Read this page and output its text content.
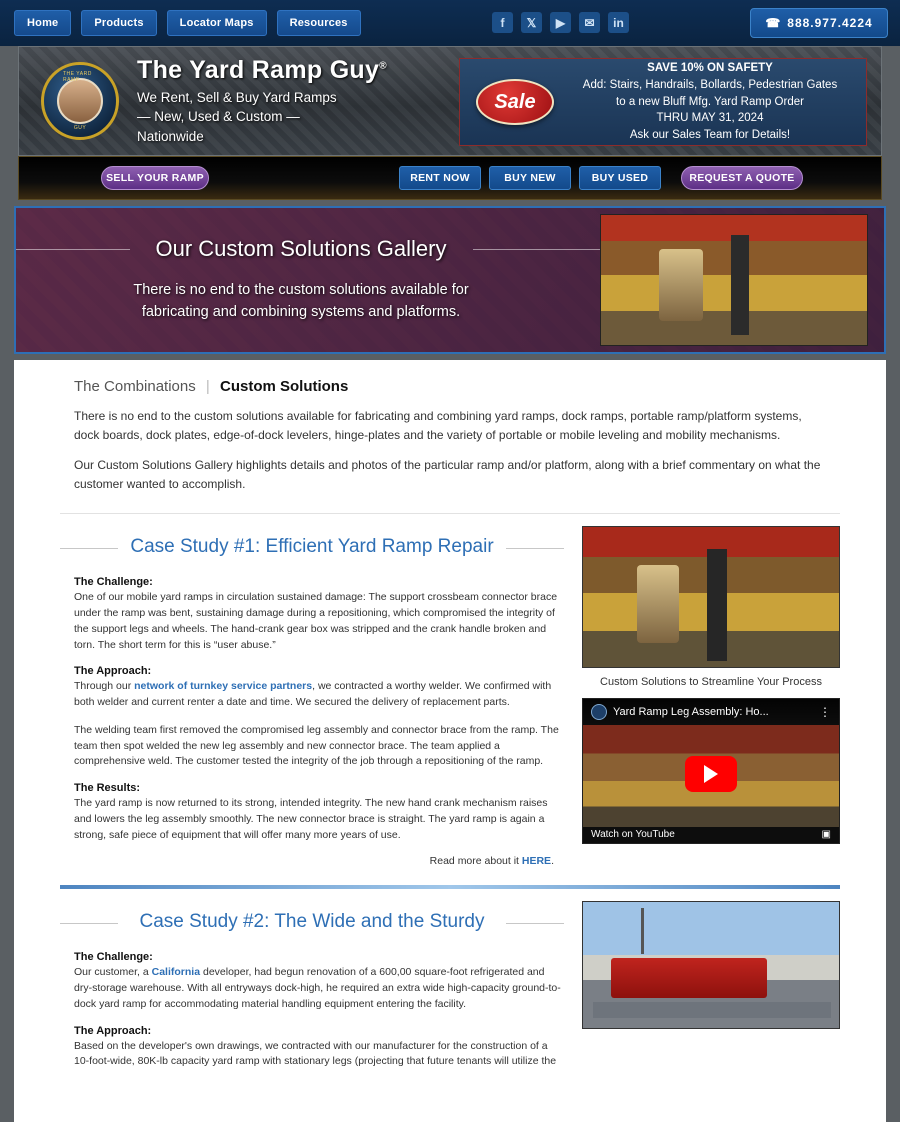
Home	Products	Locator Maps	Resources	f	𝕏	▶	✉	in	☎ 888.977.4224
THE YARD RAMP
GUY
The Yard Ramp Guy®
We Rent, Sell & Buy Yard Ramps
— New, Used & Custom —
Nationwide
Sale
SAVE 10% ON SAFETY
Add: Stairs, Handrails, Bollards, Pedestrian Gates
to a new Bluff Mfg. Yard Ramp Order
THRU MAY 31, 2024
Ask our Sales Team for Details!
SELL YOUR RAMP	RENT NOW	BUY NEW	BUY USED	REQUEST A QUOTE
Our Custom Solutions Gallery
There is no end to the custom solutions available for
fabricating and combining systems and platforms.
The Combinations | Custom Solutions
There is no end to the custom solutions available for fabricating and combining yard ramps, dock ramps, portable ramp/platform systems, dock boards, dock plates, edge-of-dock levelers, hinge-plates and the variety of portable or mobile leveling and mobility mechanisms.
Our Custom Solutions Gallery highlights details and photos of the particular ramp and/or platform, along with a brief commentary on what the customer wanted to accomplish.
Case Study #1: Efficient Yard Ramp Repair
The Challenge:

One of our mobile yard ramps in circulation sustained damage: The support crossbeam connector brace under the ramp was bent, sustaining damage during a repositioning, which compromised the integrity of the support legs and wheels. The hand-crank gear box was stripped and the crank handle broken and torn. The short term for this is “user abuse.”

The Approach:

Through our network of turnkey service partners, we contracted a worthy welder. We confirmed with both welder and current renter a date and time. We secured the delivery of replacement parts.

The welding team first removed the compromised leg assembly and connector brace from the ramp. The team then spot welded the new leg assembly and new connector brace. The team applied a comprehensive weld. The customer tested the integrity of the job through a repositioning of the ramp.

The Results:

The yard ramp is now returned to its strong, intended integrity. The new hand crank mechanism raises and lowers the leg assembly smoothly. The new connector brace is straight. The yard ramp is again a strong, safe piece of equipment that will offer many more years of use.

Read more about it HERE.
Custom Solutions to Streamline Your Process
Yard Ramp Leg Assembly: Ho...	⋮
Watch on YouTube	▣
Case Study #2: The Wide and the Sturdy
The Challenge:

Our customer, a California developer, had begun renovation of a 600,00 square-foot refrigerated and dry-storage warehouse. With all entryways dock-high, he required an extra wide high-capacity ground-to-dock yard ramp for accommodating material handling equipment entering the facility.

The Approach:

Based on the developer's own drawings, we contracted with our manufacturer for the construction of a 10-foot-wide, 80K-lb capacity yard ramp with stationary legs (projecting that future tenants will utilize the
